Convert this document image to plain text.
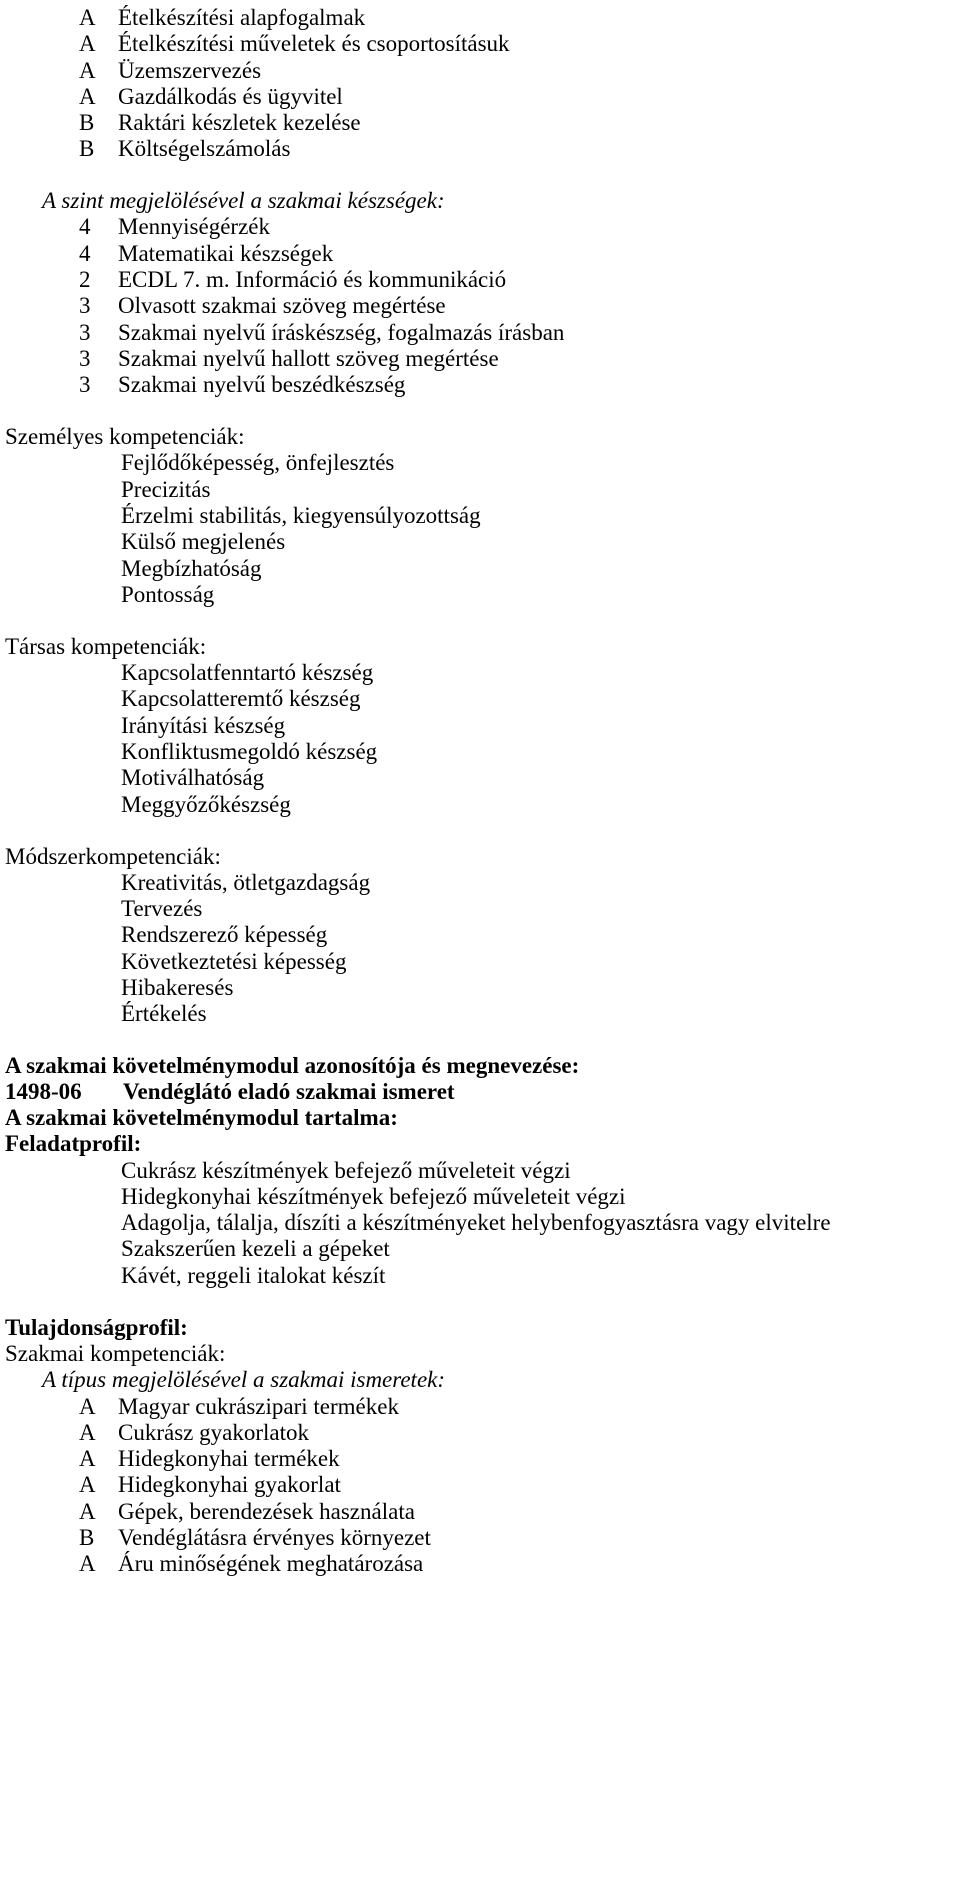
A Ételkészítési alapfogalmak
A Ételkészítési műveletek és csoportosításuk
A Üzemszervezés
A Gazdálkodás és ügyvitel
B Raktári készletek kezelése
B Költségelszámolás
A szint megjelölésével a szakmai készségek:
4 Mennyiségérzék
4 Matematikai készségek
2 ECDL 7. m. Információ és kommunikáció
3 Olvasott szakmai szöveg megértése
3 Szakmai nyelvű íráskészség, fogalmazás írásban
3 Szakmai nyelvű hallott szöveg megértése
3 Szakmai nyelvű beszédkészség
Személyes kompetenciák:
Fejlődőképesség, önfejlesztés
Precizitás
Érzelmi stabilitás, kiegyensúlyozottság
Külső megjelenés
Megbízhatóság
Pontosság
Társas kompetenciák:
Kapcsolatfenntartó készség
Kapcsolatteremtő készség
Irányítási készség
Konfliktusmegoldó készség
Motiválhatóság
Meggyőzőkészség
Módszerkompetenciák:
Kreativitás, ötletgazdagság
Tervezés
Rendszerező képesség
Következtetési képesség
Hibakeresés
Értékelés
A szakmai követelménymodul azonosítója és megnevezése:
1498-06 Vendéglátó eladó szakmai ismeret
A szakmai követelménymodul tartalma:
Feladatprofil:
Cukrász készítmények befejező műveleteit végzi
Hidegkonyhai készítmények befejező műveleteit végzi
Adagolja, tálalja, díszíti a készítményeket helybenfogyasztásra vagy elvitelre
Szakszerűen kezeli a gépeket
Kávét, reggeli italokat készít
Tulajdonságprofil:
Szakmai kompetenciák:
A típus megjelölésével a szakmai ismeretek:
A Magyar cukrászipari termékek
A Cukrász gyakorlatok
A Hidegkonyhai termékek
A Hidegkonyhai gyakorlat
A Gépek, berendezések használata
B Vendéglátásra érvényes környezet
A Áru minőségének meghatározása
